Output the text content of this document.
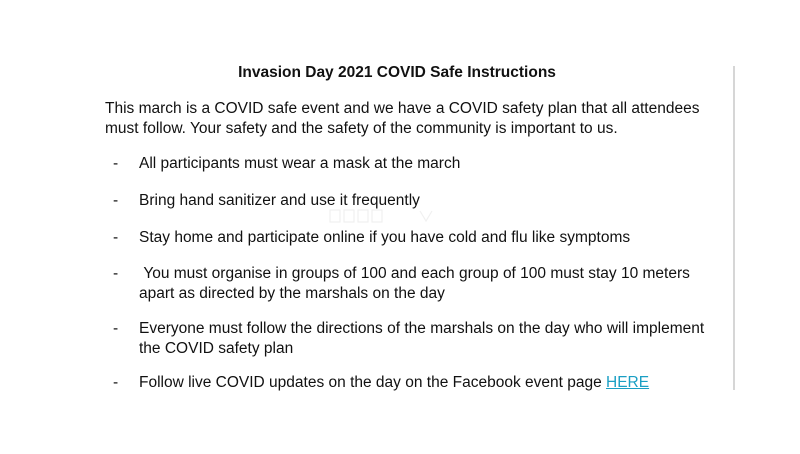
Invasion Day 2021 COVID Safe Instructions

This march is a COVID safe event and we have a COVID safety plan that all attendees must follow. Your safety and the safety of the community is important to us.

- All participants must wear a mask at the march
- Bring hand sanitizer and use it frequently
- Stay home and participate online if you have cold and flu like symptoms
- You must organise in groups of 100 and each group of 100 must stay 10 meters apart as directed by the marshals on the day
- Everyone must follow the directions of the marshals on the day who will implement the COVID safety plan
- Follow live COVID updates on the day on the Facebook event page HERE
